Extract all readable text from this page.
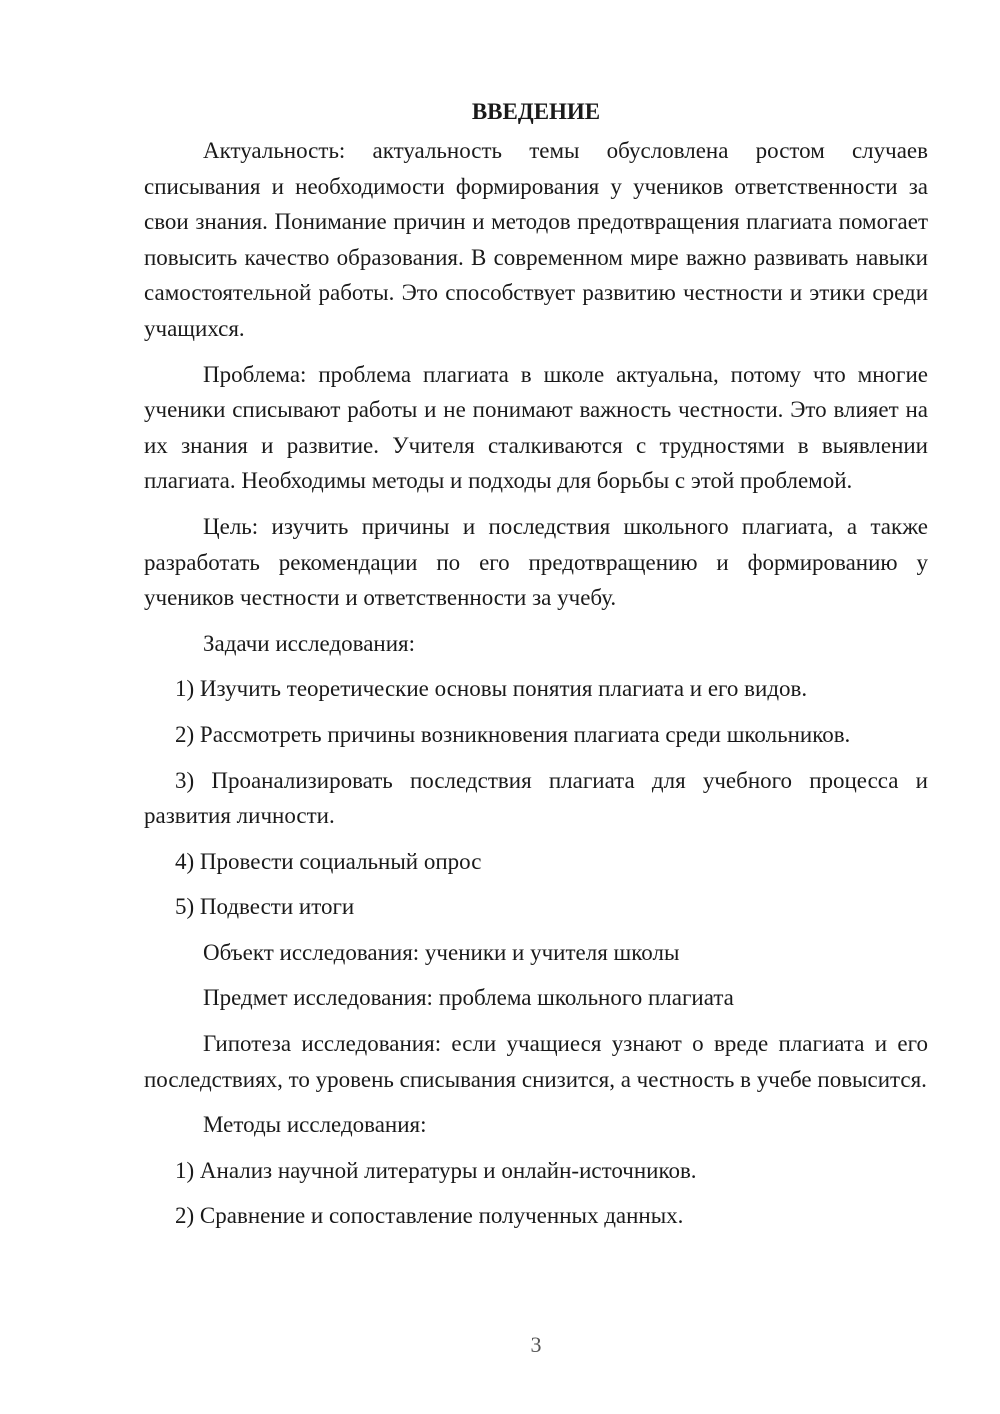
ВВЕДЕНИЕ

Актуальность: актуальность темы обусловлена ростом случаев списывания и необходимости формирования у учеников ответственности за свои знания. Понимание причин и методов предотвращения плагиата помогает повысить качество образования. В современном мире важно развивать навыки самостоятельной работы. Это способствует развитию честности и этики среди учащихся.

Проблема: проблема плагиата в школе актуальна, потому что многие ученики списывают работы и не понимают важность честности. Это влияет на их знания и развитие. Учителя сталкиваются с трудностями в выявлении плагиата. Необходимы методы и подходы для борьбы с этой проблемой.

Цель: изучить причины и последствия школьного плагиата, а также разработать рекомендации по его предотвращению и формированию у учеников честности и ответственности за учебу.

Задачи исследования:

1) Изучить теоретические основы понятия плагиата и его видов.

2) Рассмотреть причины возникновения плагиата среди школьников.

3) Проанализировать последствия плагиата для учебного процесса и развития личности.

4) Провести социальный опрос

5) Подвести итоги

Объект исследования: ученики и учителя школы

Предмет исследования: проблема школьного плагиата

Гипотеза исследования: если учащиеся узнают о вреде плагиата и его последствиях, то уровень списывания снизится, а честность в учебе повысится.

Методы исследования:

1) Анализ научной литературы и онлайн-источников.

2) Сравнение и сопоставление полученных данных.

3
